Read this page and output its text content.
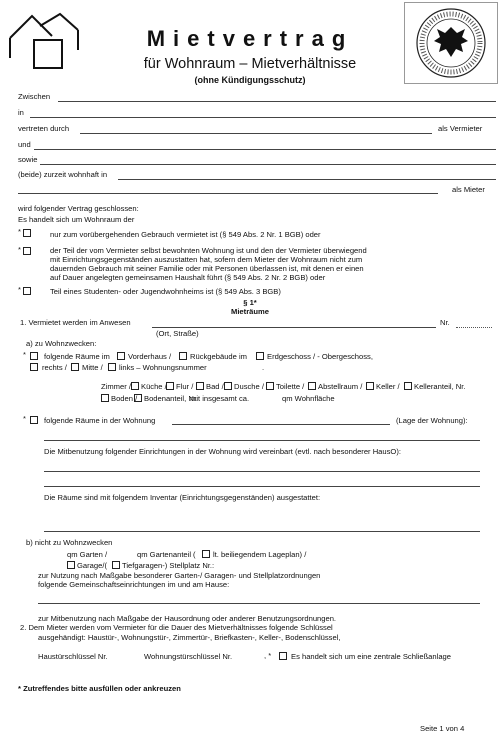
Mietvertrag
für Wohnraum – Mietverhältnisse
(ohne Kündigungsschutz)
Zwischen
in
vertreten durch	als Vermieter
und
sowie
(beide) zurzeit wohnhaft in
als Mieter
wird folgender Vertrag geschlossen:
Es handelt sich um Wohnraum der
*	nur zum vorübergehenden Gebrauch vermietet ist (§ 549 Abs. 2 Nr. 1 BGB) oder
*	der Teil der vom Vermieter selbst bewohnten Wohnung ist und den der Vermieter überwiegend
mit Einrichtungsgegenständen auszustatten hat, sofern dem Mieter der Wohnraum nicht zum
dauernden Gebrauch mit seiner Familie oder mit Personen überlassen ist, mit denen er einen
auf Dauer angelegten gemeinsamen Haushalt führt (§ 549 Abs. 2 Nr. 2 BGB) oder
*	Teil eines Studenten- oder Jugendwohnheims ist (§ 549 Abs. 3 BGB)
§ 1*
Mieträume
1. Vermietet werden im Anwesen	Nr.
(Ort, Straße)
a) zu Wohnzwecken:
* folgende Räume im Vorderhaus / Rückgebäude im	Erdgeschoss / - Obergeschoss,
rechts / Mitte / links – Wohnungsnummer	.
Zimmer / Küche / Flur / Bad / Dusche / Toilette / Abstellraum / Keller / Kelleranteil, Nr.
Boden / Bodenanteil, Nr.
mit insgesamt ca.	qm Wohnfläche
* folgende Räume in der Wohnung	(Lage der Wohnung):
Die Mitbenutzung folgender Einrichtungen in der Wohnung wird vereinbart (evtl. nach besonderer HausO):
Die Räume sind mit folgendem Inventar (Einrichtungsgegenständen) ausgestattet:
b) nicht zu Wohnzwecken
qm Garten /	qm Gartenanteil ( lt. beiliegendem Lageplan) /
Garage/( Tiefgaragen-) Stellplatz Nr.:
zur Nutzung nach Maßgabe besonderer Garten-/ Garagen- und Stellplatzordnungen
folgende Gemeinschaftseinrichtungen im und am Hause:
zur Mitbenutzung nach Maßgabe der Hausordnung oder anderer Benutzungsordnungen.
2. Dem Mieter werden vom Vermieter für die Dauer des Mietverhältnisses folgende Schlüssel
ausgehändigt: Haustür-, Wohnungstür-, Zimmertür-, Briefkasten-, Keller-, Bodenschlüssel,
Haustürschlüssel Nr.	Wohnungstürschlüssel Nr.	, *	Es handelt sich um eine zentrale Schließanlage
* Zutreffendes bitte ausfüllen oder ankreuzen
Seite 1 von 4
